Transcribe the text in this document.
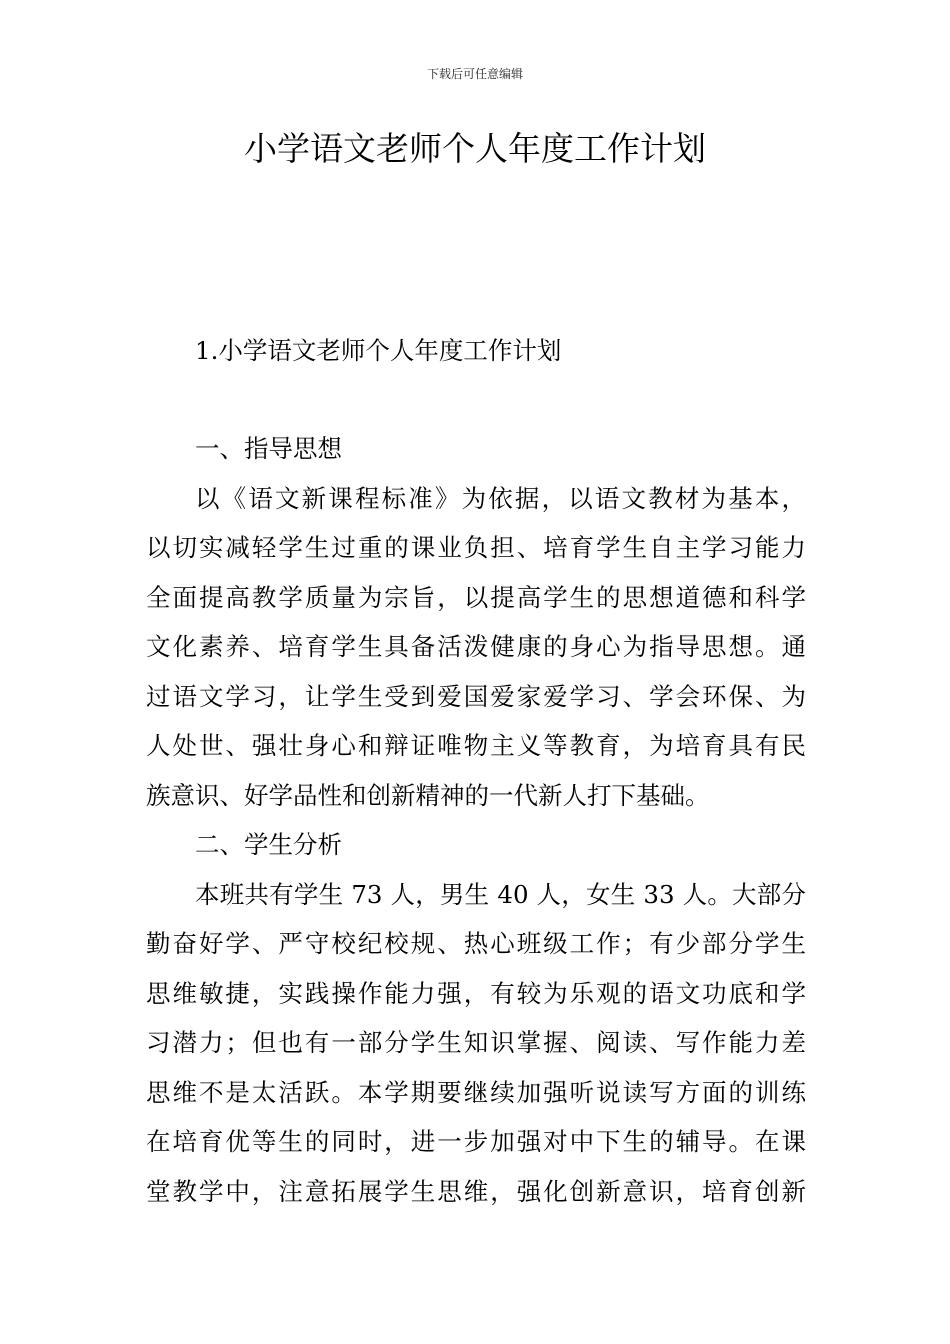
下载后可任意编辑
小学语文老师个人年度工作计划
1.小学语文老师个人年度工作计划
一、指导思想
以《语文新课程标准》为依据，以语文教材为基本，
以切实减轻学生过重的课业负担、培育学生自主学习能力
全面提高教学质量为宗旨，以提高学生的思想道德和科学
文化素养、培育学生具备活泼健康的身心为指导思想。通
过语文学习，让学生受到爱国爱家爱学习、学会环保、为
人处世、强壮身心和辩证唯物主义等教育，为培育具有民
族意识、好学品性和创新精神的一代新人打下基础。
二、学生分析
本班共有学生 73 人，男生 40 人，女生 33 人。大部分
勤奋好学、严守校纪校规、热心班级工作；有少部分学生
思维敏捷，实践操作能力强，有较为乐观的语文功底和学
习潜力；但也有一部分学生知识掌握、阅读、写作能力差
思维不是太活跃。本学期要继续加强听说读写方面的训练
在培育优等生的同时，进一步加强对中下生的辅导。在课
堂教学中，注意拓展学生思维，强化创新意识，培育创新
